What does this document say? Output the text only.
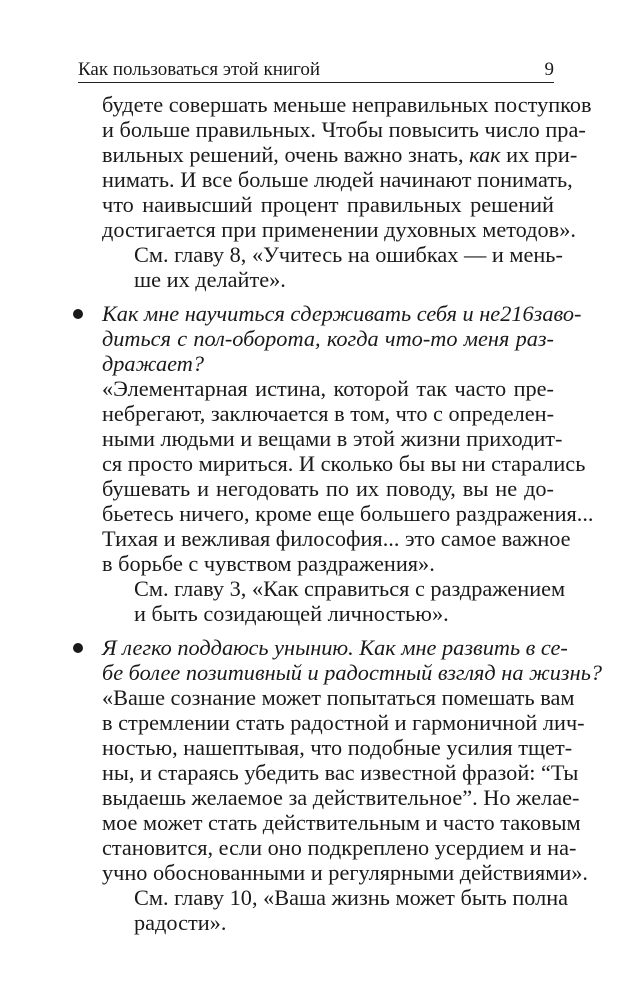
Как пользоваться этой книгой	9
будете совершать меньше неправильных поступков
и больше правильных. Чтобы повысить число пра-
вильных решений, очень важно знать, как их при-
нимать. И все больше людей начинают понимать,
что наивысший процент правильных решений
достигается при применении духовных методов».
См. главу 8, «Учитесь на ошибках — и мень-
ше их делайте».
Как мне научиться сдерживать себя и не216заво-
диться с пол-оборота, когда что-то меня раз-
дражает?
«Элементарная истина, которой так часто пре-
небрегают, заключается в том, что с определен-
ными людьми и вещами в этой жизни приходит-
ся просто мириться. И сколько бы вы ни старались
бушевать и негодовать по их поводу, вы не до-
бьетесь ничего, кроме еще большего раздражения...
Тихая и вежливая философия... это самое важное
в борьбе с чувством раздражения».
См. главу 3, «Как справиться с раздражением
и быть созидающей личностью».
Я легко поддаюсь унынию. Как мне развить в се-
бе более позитивный и радостный взгляд на жизнь?
«Ваше сознание может попытаться помешать вам
в стремлении стать радостной и гармоничной лич-
ностью, нашептывая, что подобные усилия тщет-
ны, и стараясь убедить вас известной фразой: “Ты
выдаешь желаемое за действительное”. Но желае-
мое может стать действительным и часто таковым
становится, если оно подкреплено усердием и на-
учно обоснованными и регулярными действиями».
См. главу 10, «Ваша жизнь может быть полна
радости».
